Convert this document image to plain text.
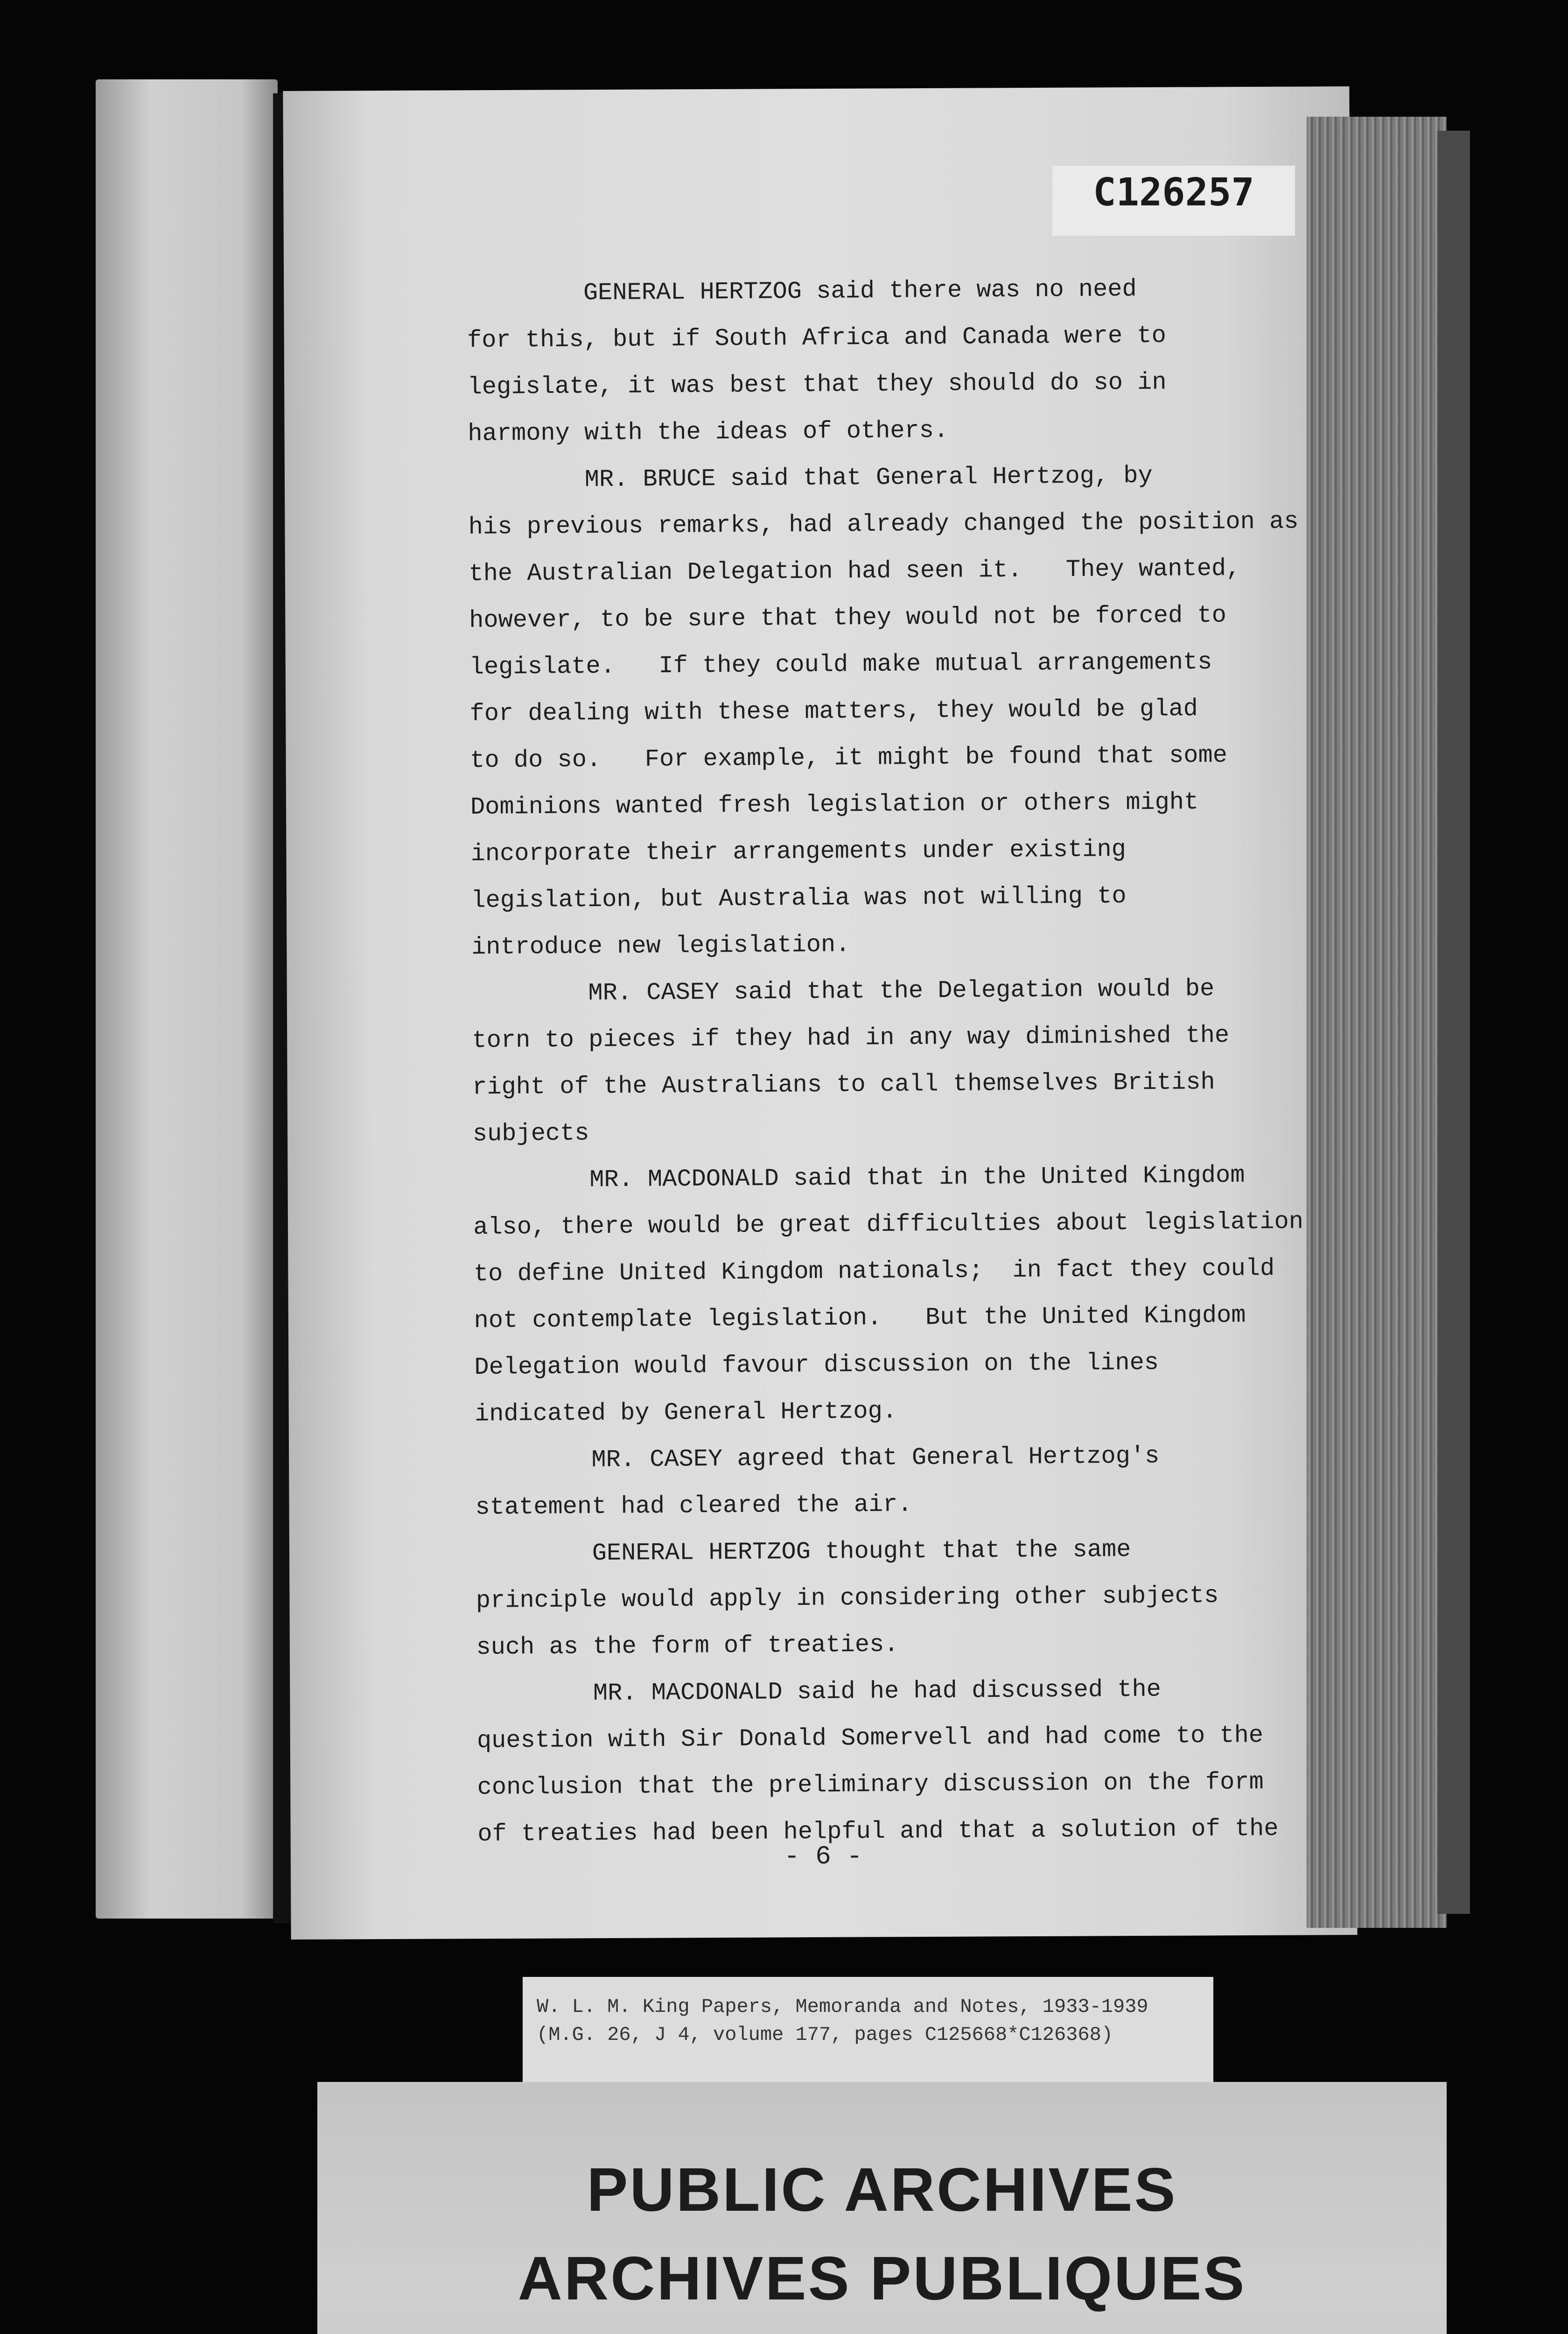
C126257
GENERAL HERTZOG said there was no need
for this, but if South Africa and Canada were to
legislate, it was best that they should do so in
harmony with the ideas of others.
MR. BRUCE said that General Hertzog, by
his previous remarks, had already changed the position as
the Australian Delegation had seen it.   They wanted,
however, to be sure that they would not be forced to
legislate.   If they could make mutual arrangements
for dealing with these matters, they would be glad
to do so.   For example, it might be found that some
Dominions wanted fresh legislation or others might
incorporate their arrangements under existing
legislation, but Australia was not willing to
introduce new legislation.
MR. CASEY said that the Delegation would be
torn to pieces if they had in any way diminished the
right of the Australians to call themselves British
subjects
MR. MACDONALD said that in the United Kingdom
also, there would be great difficulties about legislation
to define United Kingdom nationals;  in fact they could
not contemplate legislation.   But the United Kingdom
Delegation would favour discussion on the lines
indicated by General Hertzog.
MR. CASEY agreed that General Hertzog's
statement had cleared the air.
GENERAL HERTZOG thought that the same
principle would apply in considering other subjects
such as the form of treaties.
MR. MACDONALD said he had discussed the
question with Sir Donald Somervell and had come to the
conclusion that the preliminary discussion on the form
of treaties had been helpful and that a solution of the
- 6 -
W. L. M. King Papers, Memoranda and Notes, 1933-1939
(M.G. 26, J 4, volume 177, pages C125668*C126368)
PUBLIC ARCHIVES
ARCHIVES PUBLIQUES
